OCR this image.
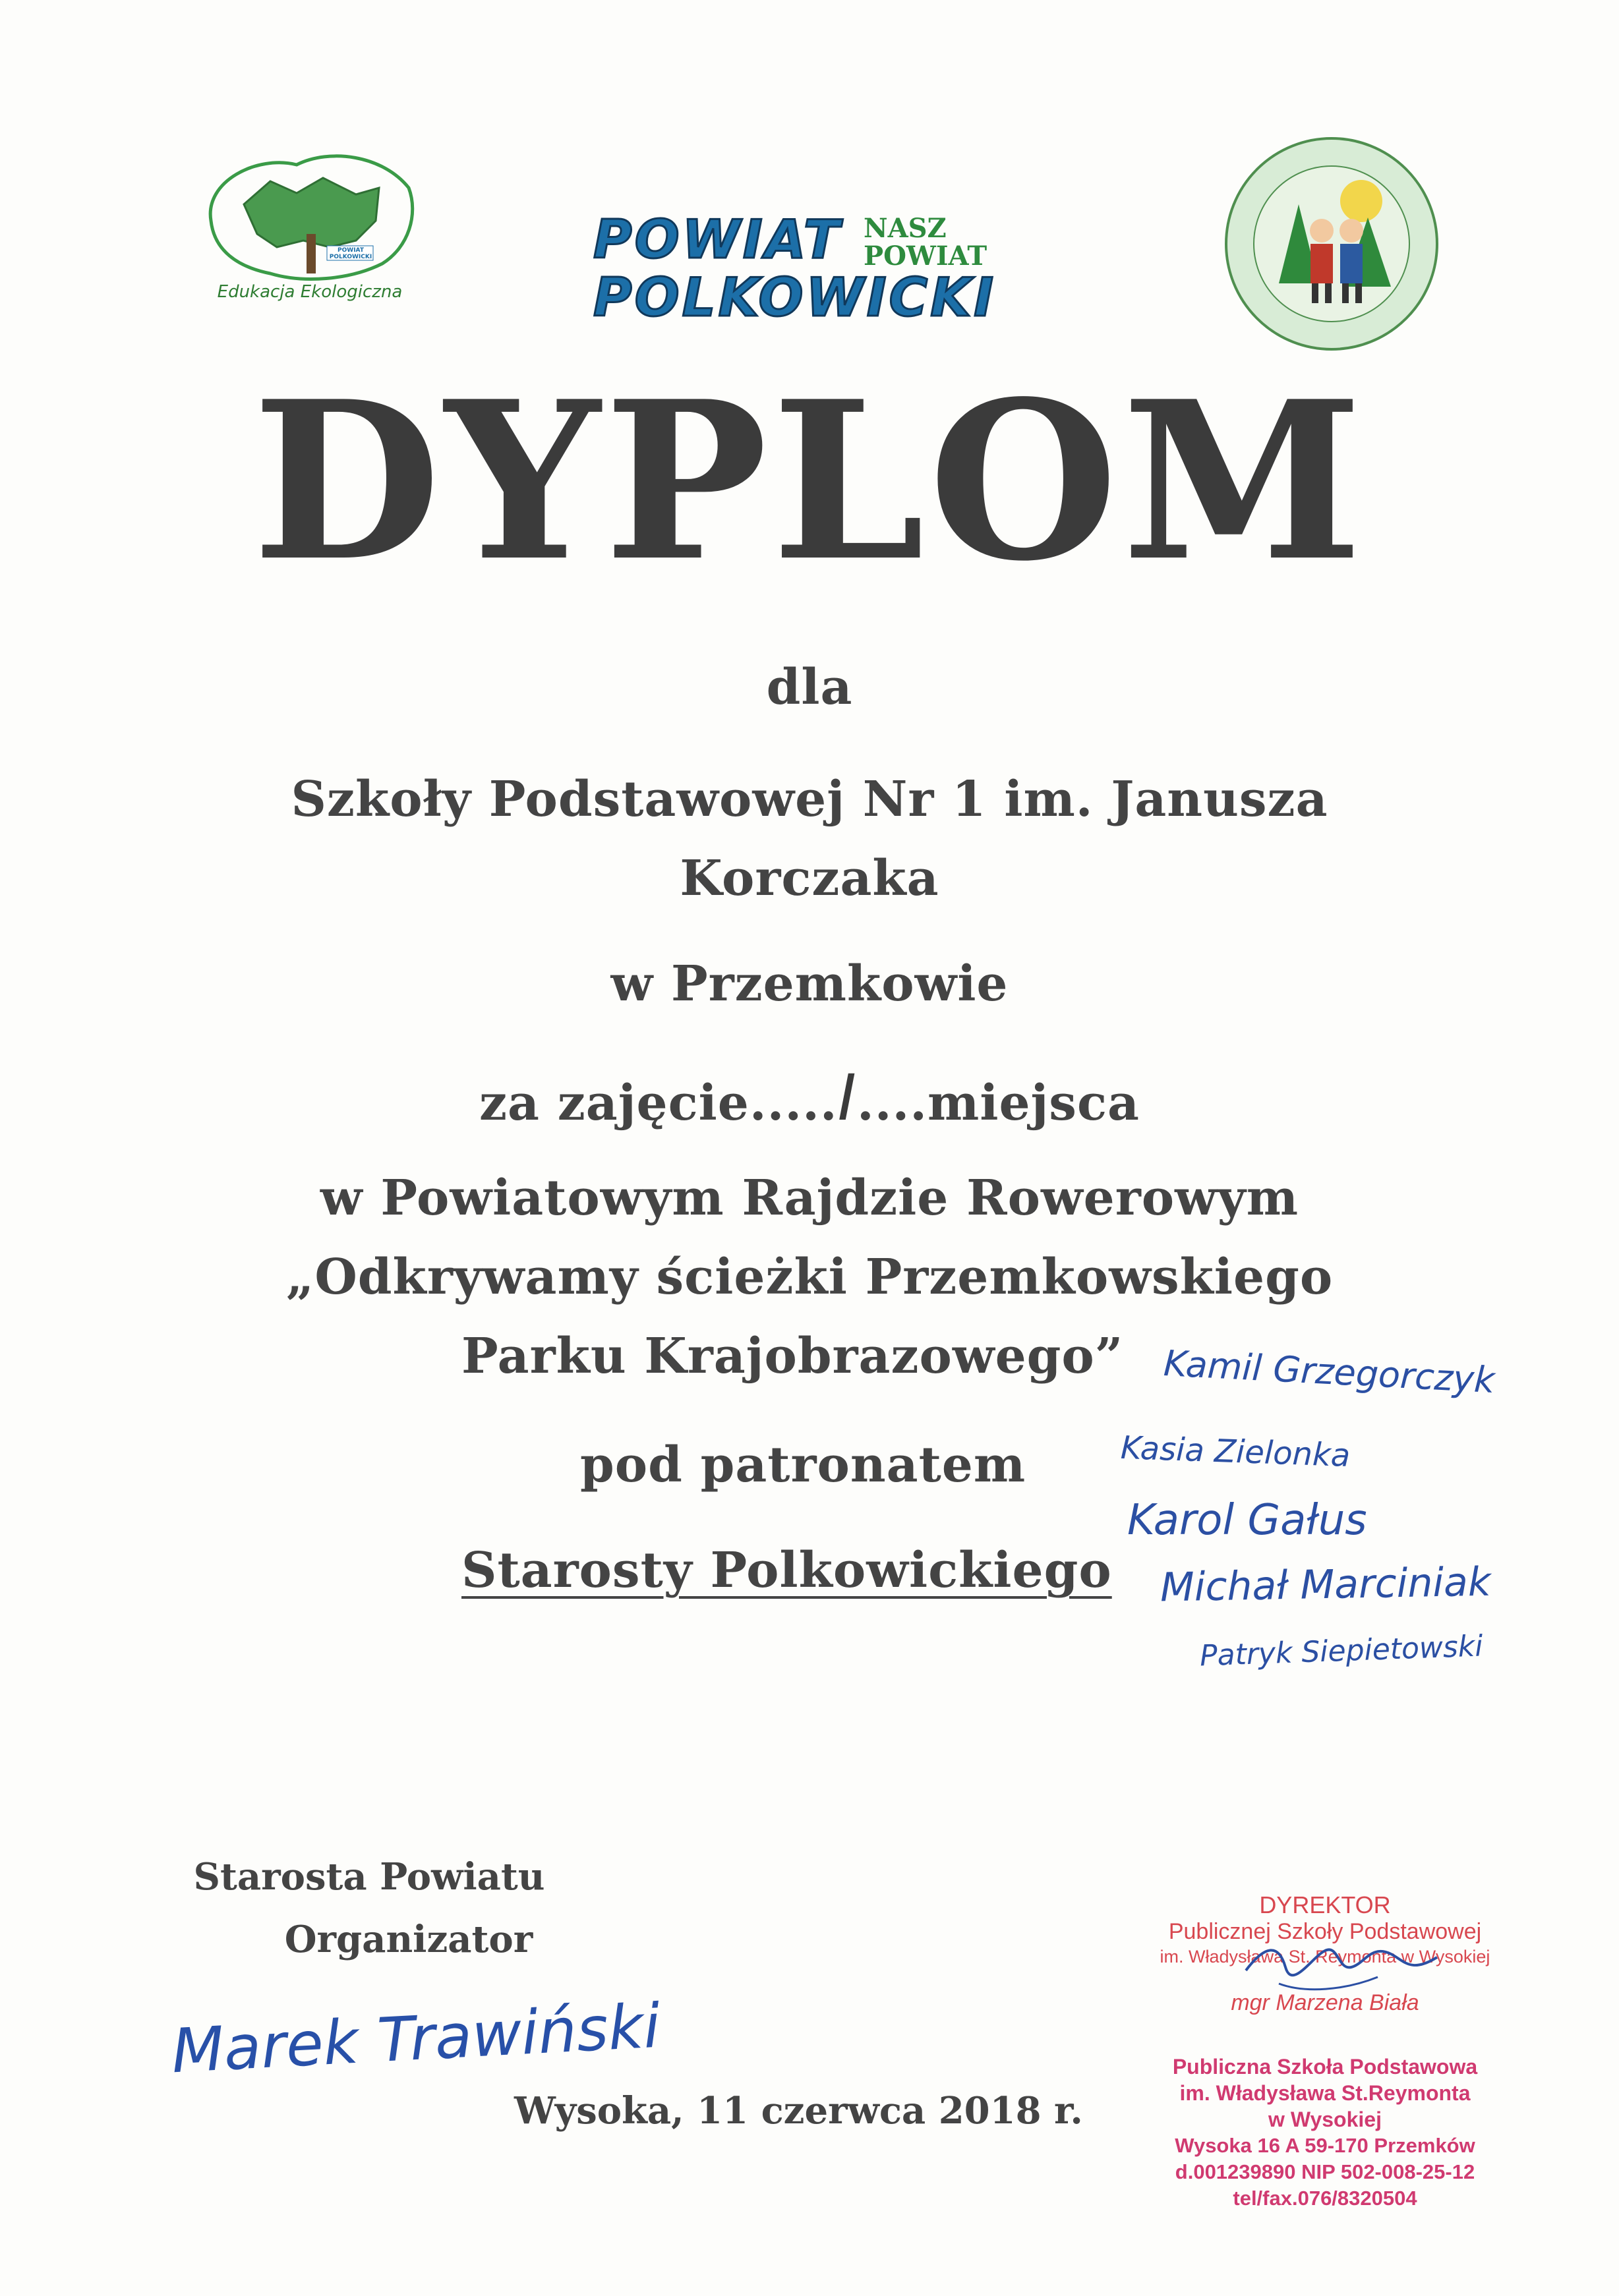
POWIAT POLKOWICKI
Edukacja Ekologiczna
POWIAT
POLKOWICKI
NASZ
POWIAT
DYPLOM
dla
Szkoły Podstawowej Nr 1 im. Janusza
Korczaka
w Przemkowie
za zajęcie.....I....miejsca
w Powiatowym Rajdzie Rowerowym
„Odkrywamy ścieżki Przemkowskiego
Parku Krajobrazowego”
pod patronatem
Starosty Polkowickiego
Kamil Grzegorczyk
Kasia Zielonka
Karol Gałus
Michał Marciniak
Patryk Siepietowski
Starosta Powiatu
Organizator
Marek Trawiński
Wysoka, 11 czerwca 2018 r.
DYREKTOR
Publicznej Szkoły Podstawowej
im. Władysława St. Reymonta w Wysokiej
mgr Marzena Biała
Publiczna Szkoła Podstawowa
im. Władysława St.Reymonta
w Wysokiej
Wysoka 16 A 59-170 Przemków
d.001239890 NIP 502-008-25-12
tel/fax.076/8320504
